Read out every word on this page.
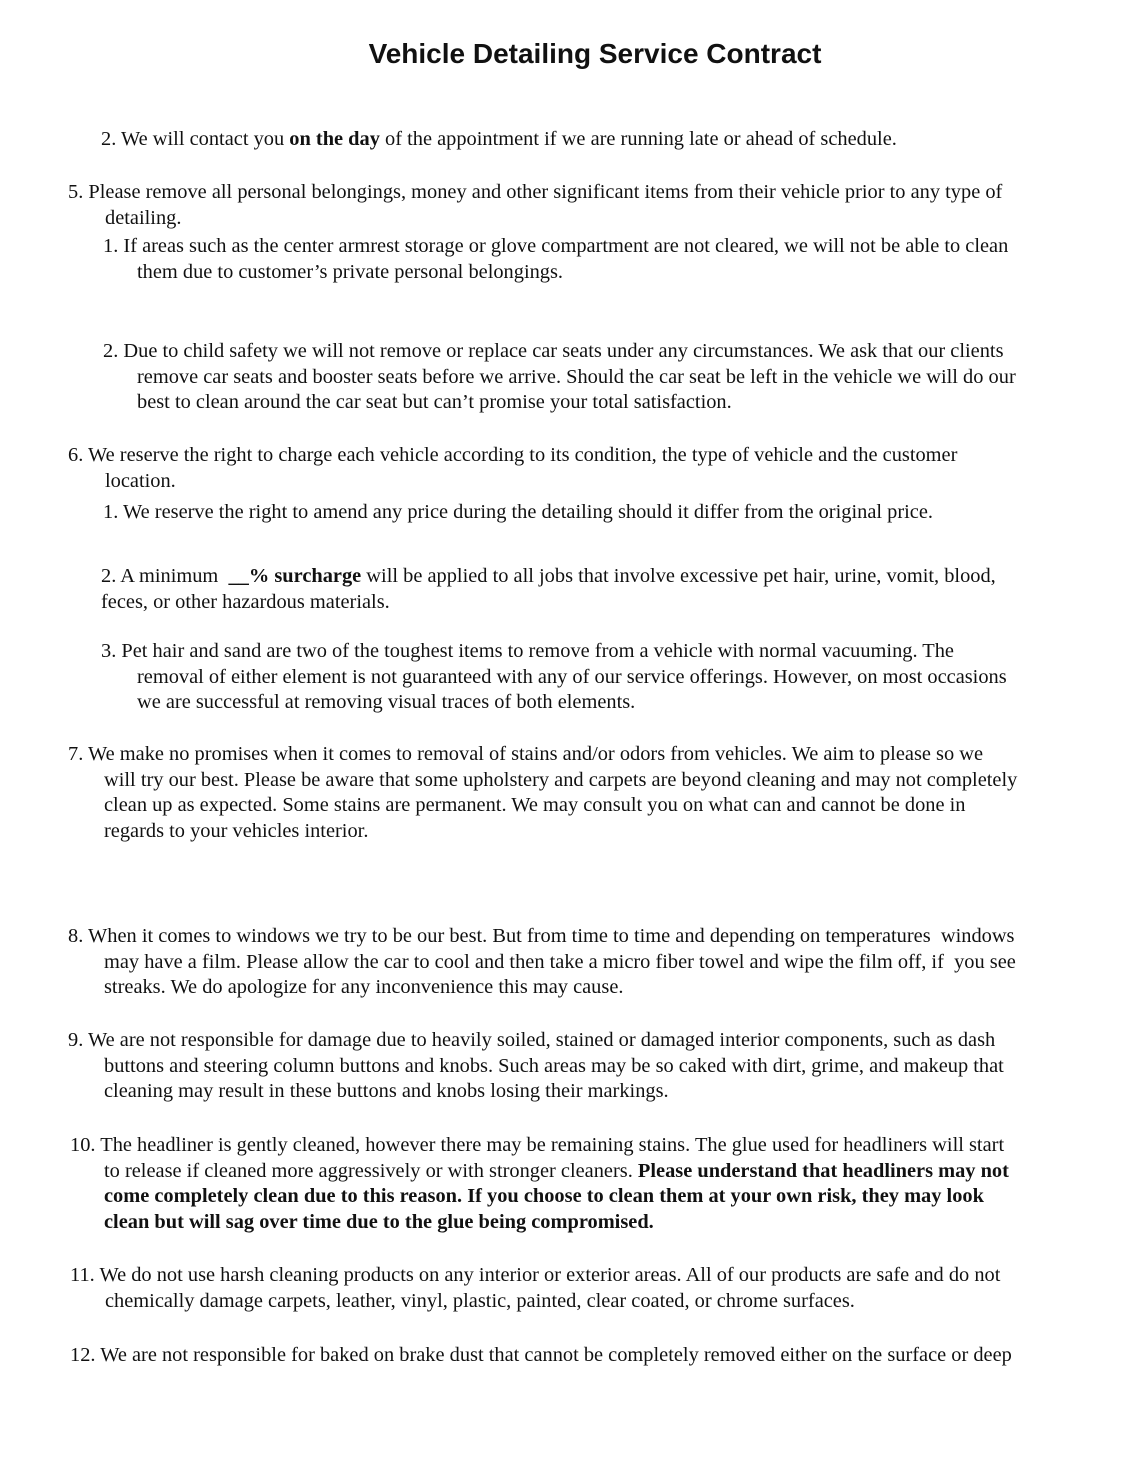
Vehicle Detailing Service Contract
2. We will contact you on the day of the appointment if we are running late or ahead of schedule.
5. Please remove all personal belongings, money and other significant items from their vehicle prior to any type of
detailing.
1. If areas such as the center armrest storage or glove compartment are not cleared, we will not be able to clean
them due to customer’s private personal belongings.
2. Due to child safety we will not remove or replace car seats under any circumstances. We ask that our clients
remove car seats and booster seats before we arrive. Should the car seat be left in the vehicle we will do our
best to clean around the car seat but can’t promise your total satisfaction.
6. We reserve the right to charge each vehicle according to its condition, the type of vehicle and the customer
location.
1. We reserve the right to amend any price during the detailing should it differ from the original price.
2. A minimum  __% surcharge will be applied to all jobs that involve excessive pet hair, urine, vomit, blood,
feces, or other hazardous materials.
3. Pet hair and sand are two of the toughest items to remove from a vehicle with normal vacuuming. The
removal of either element is not guaranteed with any of our service offerings. However, on most occasions
we are successful at removing visual traces of both elements.
7. We make no promises when it comes to removal of stains and/or odors from vehicles. We aim to please so we
will try our best. Please be aware that some upholstery and carpets are beyond cleaning and may not completely
clean up as expected. Some stains are permanent. We may consult you on what can and cannot be done in
regards to your vehicles interior.
8. When it comes to windows we try to be our best. But from time to time and depending on temperatures  windows
may have a film. Please allow the car to cool and then take a micro fiber towel and wipe the film off, if  you see
streaks. We do apologize for any inconvenience this may cause.
9. We are not responsible for damage due to heavily soiled, stained or damaged interior components, such as dash
buttons and steering column buttons and knobs. Such areas may be so caked with dirt, grime, and makeup that
cleaning may result in these buttons and knobs losing their markings.
10. The headliner is gently cleaned, however there may be remaining stains. The glue used for headliners will start
to release if cleaned more aggressively or with stronger cleaners. Please understand that headliners may not
come completely clean due to this reason. If you choose to clean them at your own risk, they may look
clean but will sag over time due to the glue being compromised.
11. We do not use harsh cleaning products on any interior or exterior areas. All of our products are safe and do not
chemically damage carpets, leather, vinyl, plastic, painted, clear coated, or chrome surfaces.
12. We are not responsible for baked on brake dust that cannot be completely removed either on the surface or deep
